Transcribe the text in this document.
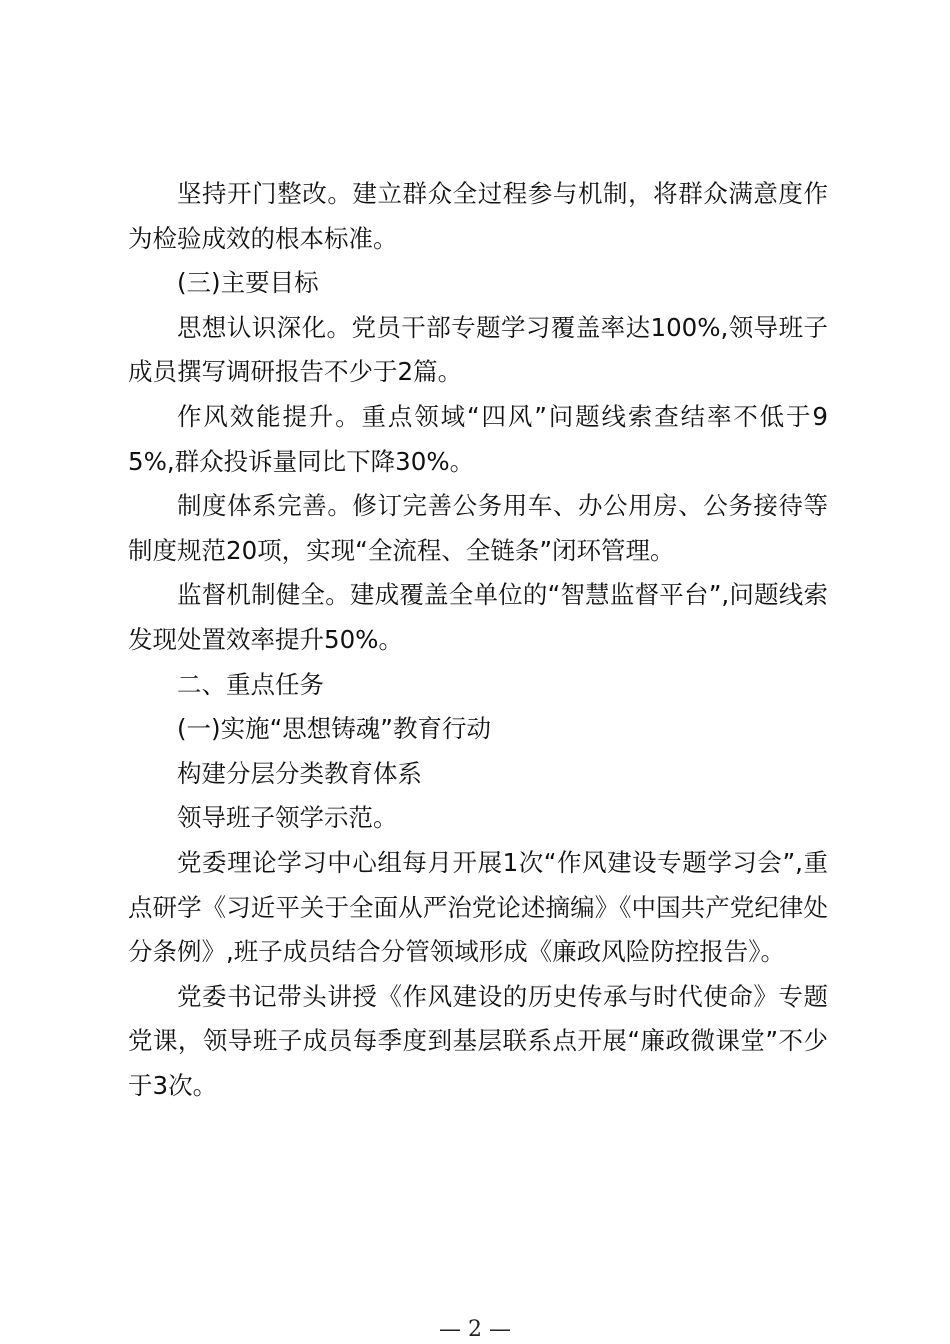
坚持开门整改。建立群众全过程参与机制，将群众满意度作为检验成效的根本标准。

(三)主要目标

思想认识深化。党员干部专题学习覆盖率达100%,领导班子成员撰写调研报告不少于2篇。

作风效能提升。重点领域“四风”问题线索查结率不低于95%,群众投诉量同比下降30%。

制度体系完善。修订完善公务用车、办公用房、公务接待等制度规范20项，实现“全流程、全链条”闭环管理。

监督机制健全。建成覆盖全单位的“智慧监督平台”,问题线索发现处置效率提升50%。

二、重点任务

(一)实施“思想铸魂”教育行动

构建分层分类教育体系

领导班子领学示范。

党委理论学习中心组每月开展1次“作风建设专题学习会”,重点研学《习近平关于全面从严治党论述摘编》《中国共产党纪律处分条例》,班子成员结合分管领域形成《廉政风险防控报告》。

党委书记带头讲授《作风建设的历史传承与时代使命》专题党课，领导班子成员每季度到基层联系点开展“廉政微课堂”不少于3次。

— 2 —
